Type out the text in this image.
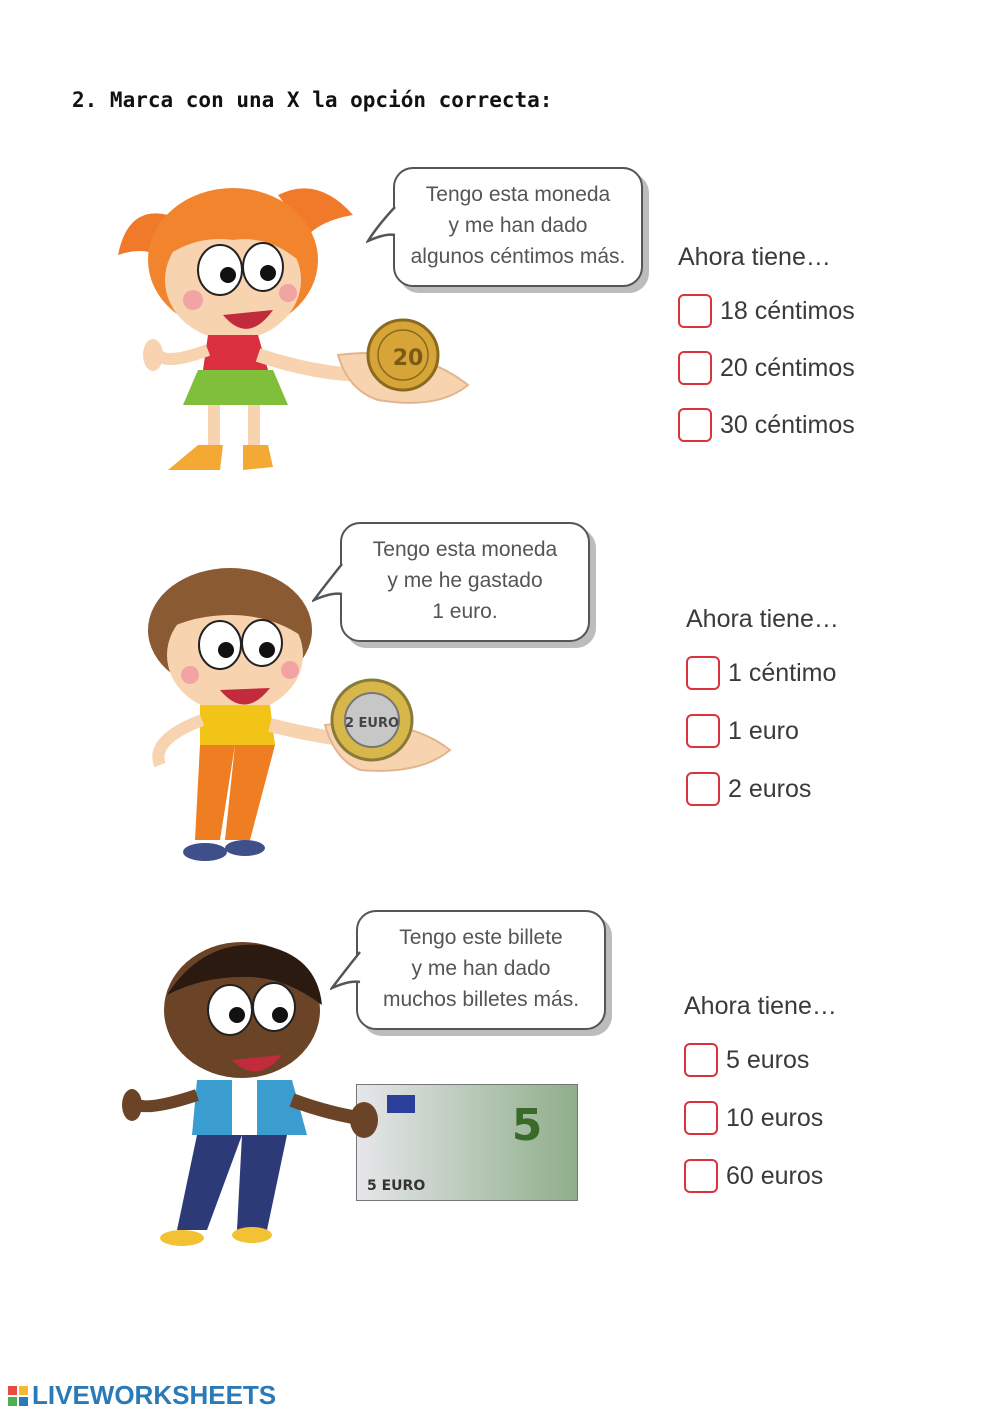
2. Marca con una X la opción correcta:
20
Tengo esta moneda
y me han dado
algunos céntimos más.	Ahora tiene…
18 céntimos
20 céntimos
30 céntimos
2 EURO
Tengo esta moneda
y me he gastado
1 euro.	Ahora tiene…
1 céntimo
1 euro
2 euros
5
5 EURO
Tengo este billete
y me han dado
muchos billetes más.	Ahora tiene…
5 euros
10 euros
60 euros
LIVEWORKSHEETS
